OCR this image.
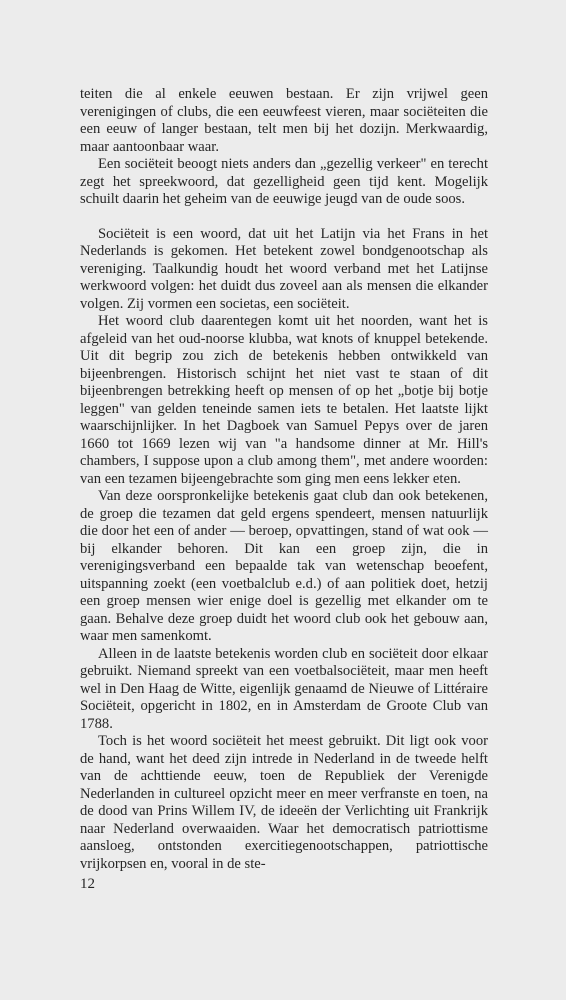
teiten die al enkele eeuwen bestaan. Er zijn vrijwel geen verenigingen of clubs, die een eeuwfeest vieren, maar sociëteiten die een eeuw of langer bestaan, telt men bij het dozijn. Merkwaardig, maar aantoonbaar waar.

Een sociëteit beoogt niets anders dan „gezellig verkeer" en terecht zegt het spreekwoord, dat gezelligheid geen tijd kent. Mogelijk schuilt daarin het geheim van de eeuwige jeugd van de oude soos.

Sociëteit is een woord, dat uit het Latijn via het Frans in het Nederlands is gekomen. Het betekent zowel bondgenootschap als vereniging. Taalkundig houdt het woord verband met het Latijnse werkwoord volgen: het duidt dus zoveel aan als mensen die elkander volgen. Zij vormen een societas, een sociëteit.

Het woord club daarentegen komt uit het noorden, want het is afgeleid van het oud-noorse klubba, wat knots of knuppel betekende. Uit dit begrip zou zich de betekenis hebben ontwikkeld van bijeenbrengen. Historisch schijnt het niet vast te staan of dit bijeenbrengen betrekking heeft op mensen of op het „botje bij botje leggen" van gelden teneinde samen iets te betalen. Het laatste lijkt waarschijnlijker. In het Dagboek van Samuel Pepys over de jaren 1660 tot 1669 lezen wij van "a handsome dinner at Mr. Hill's chambers, I suppose upon a club among them", met andere woorden: van een tezamen bijeengebrachte som ging men eens lekker eten.

Van deze oorspronkelijke betekenis gaat club dan ook betekenen, de groep die tezamen dat geld ergens spendeert, mensen natuurlijk die door het een of ander — beroep, opvattingen, stand of wat ook — bij elkander behoren. Dit kan een groep zijn, die in verenigingsverband een bepaalde tak van wetenschap beoefent, uitspanning zoekt (een voetbalclub e.d.) of aan politiek doet, hetzij een groep mensen wier enige doel is gezellig met elkander om te gaan. Behalve deze groep duidt het woord club ook het gebouw aan, waar men samenkomt.

Alleen in de laatste betekenis worden club en sociëteit door elkaar gebruikt. Niemand spreekt van een voetbalsociëteit, maar men heeft wel in Den Haag de Witte, eigenlijk genaamd de Nieuwe of Littéraire Sociëteit, opgericht in 1802, en in Amsterdam de Groote Club van 1788.

Toch is het woord sociëteit het meest gebruikt. Dit ligt ook voor de hand, want het deed zijn intrede in Nederland in de tweede helft van de achttiende eeuw, toen de Republiek der Verenigde Nederlanden in cultureel opzicht meer en meer verfranste en toen, na de dood van Prins Willem IV, de ideeën der Verlichting uit Frankrijk naar Nederland overwaaiden. Waar het democratisch patriottisme aansloeg, ontstonden exercitiegenootschappen, patriottische vrijkorpsen en, vooral in de ste-

12
